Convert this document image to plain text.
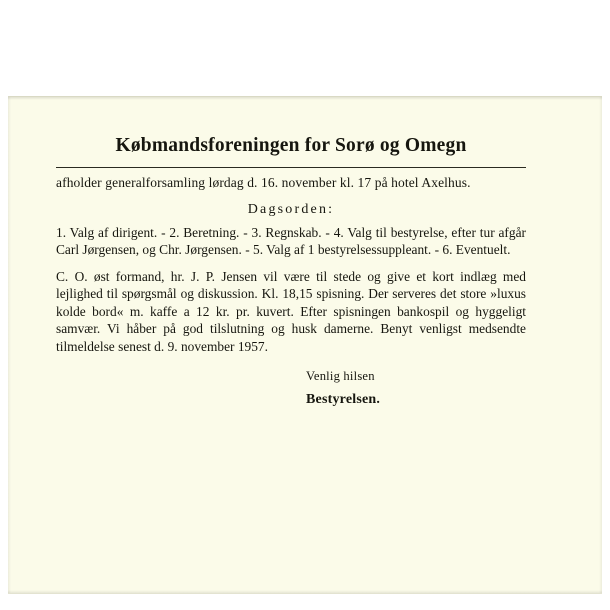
Købmandsforeningen for Sorø og Omegn

afholder generalforsamling lørdag d. 16. november kl. 17 på hotel Axelhus.

Dagsorden:

1. Valg af dirigent. - 2. Beretning. - 3. Regnskab. - 4. Valg til bestyrelse, efter tur afgår Carl Jørgensen, og Chr. Jørgensen. - 5. Valg af 1 bestyrelsessuppleant. - 6. Eventuelt.

C. O. øst formand, hr. J. P. Jensen vil være til stede og give et kort indlæg med lejlighed til spørgsmål og diskussion. Kl. 18,15 spisning. Der serveres det store »luxus kolde bord« m. kaffe a 12 kr. pr. kuvert. Efter spisningen bankospil og hyggeligt samvær. Vi håber på god tilslutning og husk damerne. Benyt venligst medsendte tilmeldelse senest d. 9. november 1957.

Venlig hilsen

Bestyrelsen.
